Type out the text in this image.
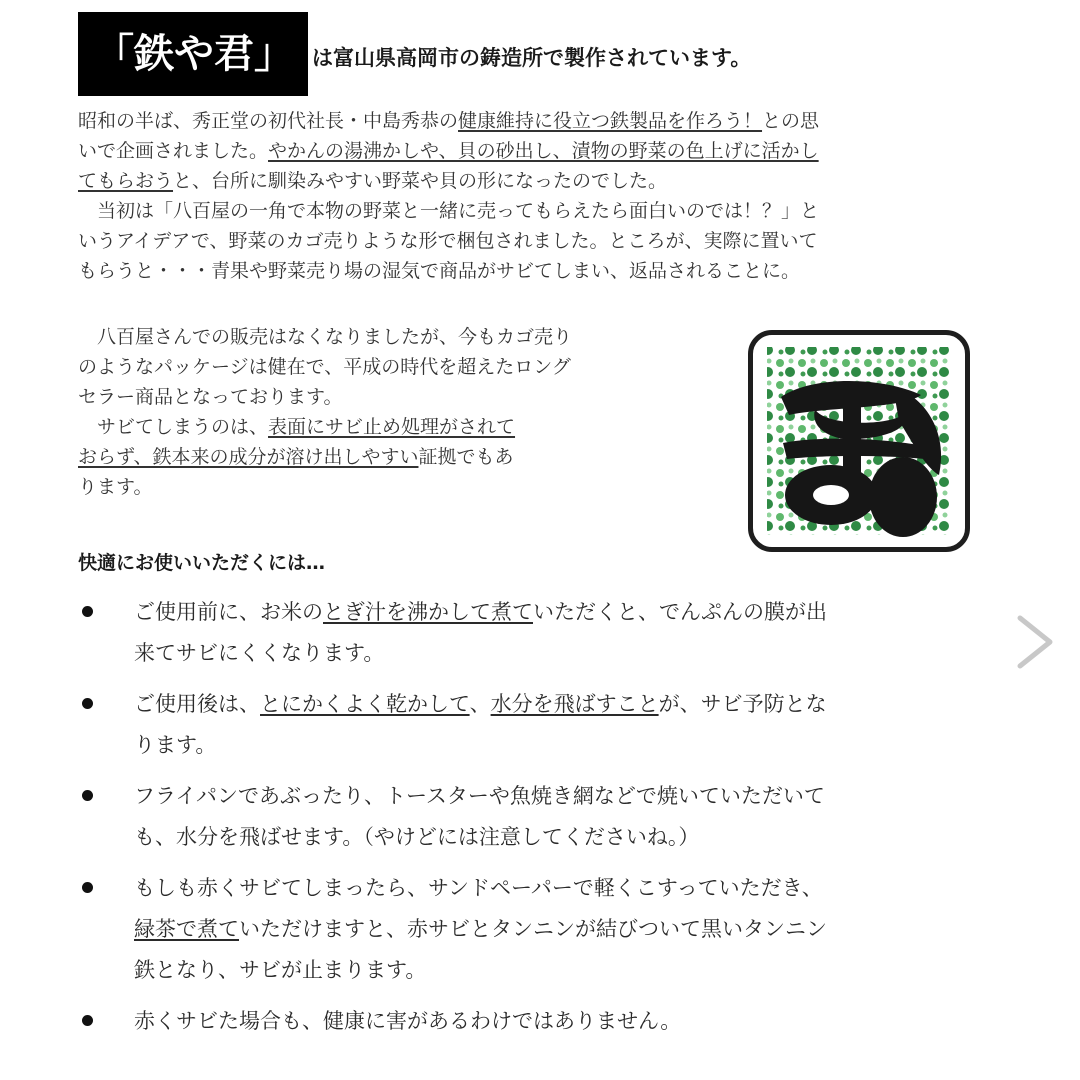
「鉄や君」 は富山県高岡市の鋳造所で製作されています。
昭和の半ば、秀正堂の初代社長・中島秀恭の健康維持に役立つ鉄製品を作ろう！との思
いで企画されました。やかんの湯沸かしや、貝の砂出し、漬物の野菜の色上げに活かし
てもらおうと、台所に馴染みやすい野菜や貝の形になったのでした。
　当初は「八百屋の一角で本物の野菜と一緒に売ってもらえたら面白いのでは！？」と
いうアイデアで、野菜のカゴ売りような形で梱包されました。ところが、実際に置いて
もらうと・・・青果や野菜売り場の湿気で商品がサビてしまい、返品されることに。
　八百屋さんでの販売はなくなりましたが、今もカゴ売り
のようなパッケージは健在で、平成の時代を超えたロング
セラー商品となっております。
　サビてしまうのは、表面にサビ止め処理がされて
おらず、鉄本来の成分が溶け出しやすい証拠でもあ
ります。
快適にお使いいただくには…
ご使用前に、お米のとぎ汁を沸かして煮ていただくと、でんぷんの膜が出
来てサビにくくなります。
ご使用後は、とにかくよく乾かして、水分を飛ばすことが、サビ予防とな
ります。
フライパンであぶったり、トースターや魚焼き網などで焼いていただいて
も、水分を飛ばせます。（やけどには注意してくださいね。）
もしも赤くサビてしまったら、サンドペーパーで軽くこすっていただき、
緑茶で煮ていただけますと、赤サビとタンニンが結びついて黒いタンニン
鉄となり、サビが止まります。
赤くサビた場合も、健康に害があるわけではありません。
